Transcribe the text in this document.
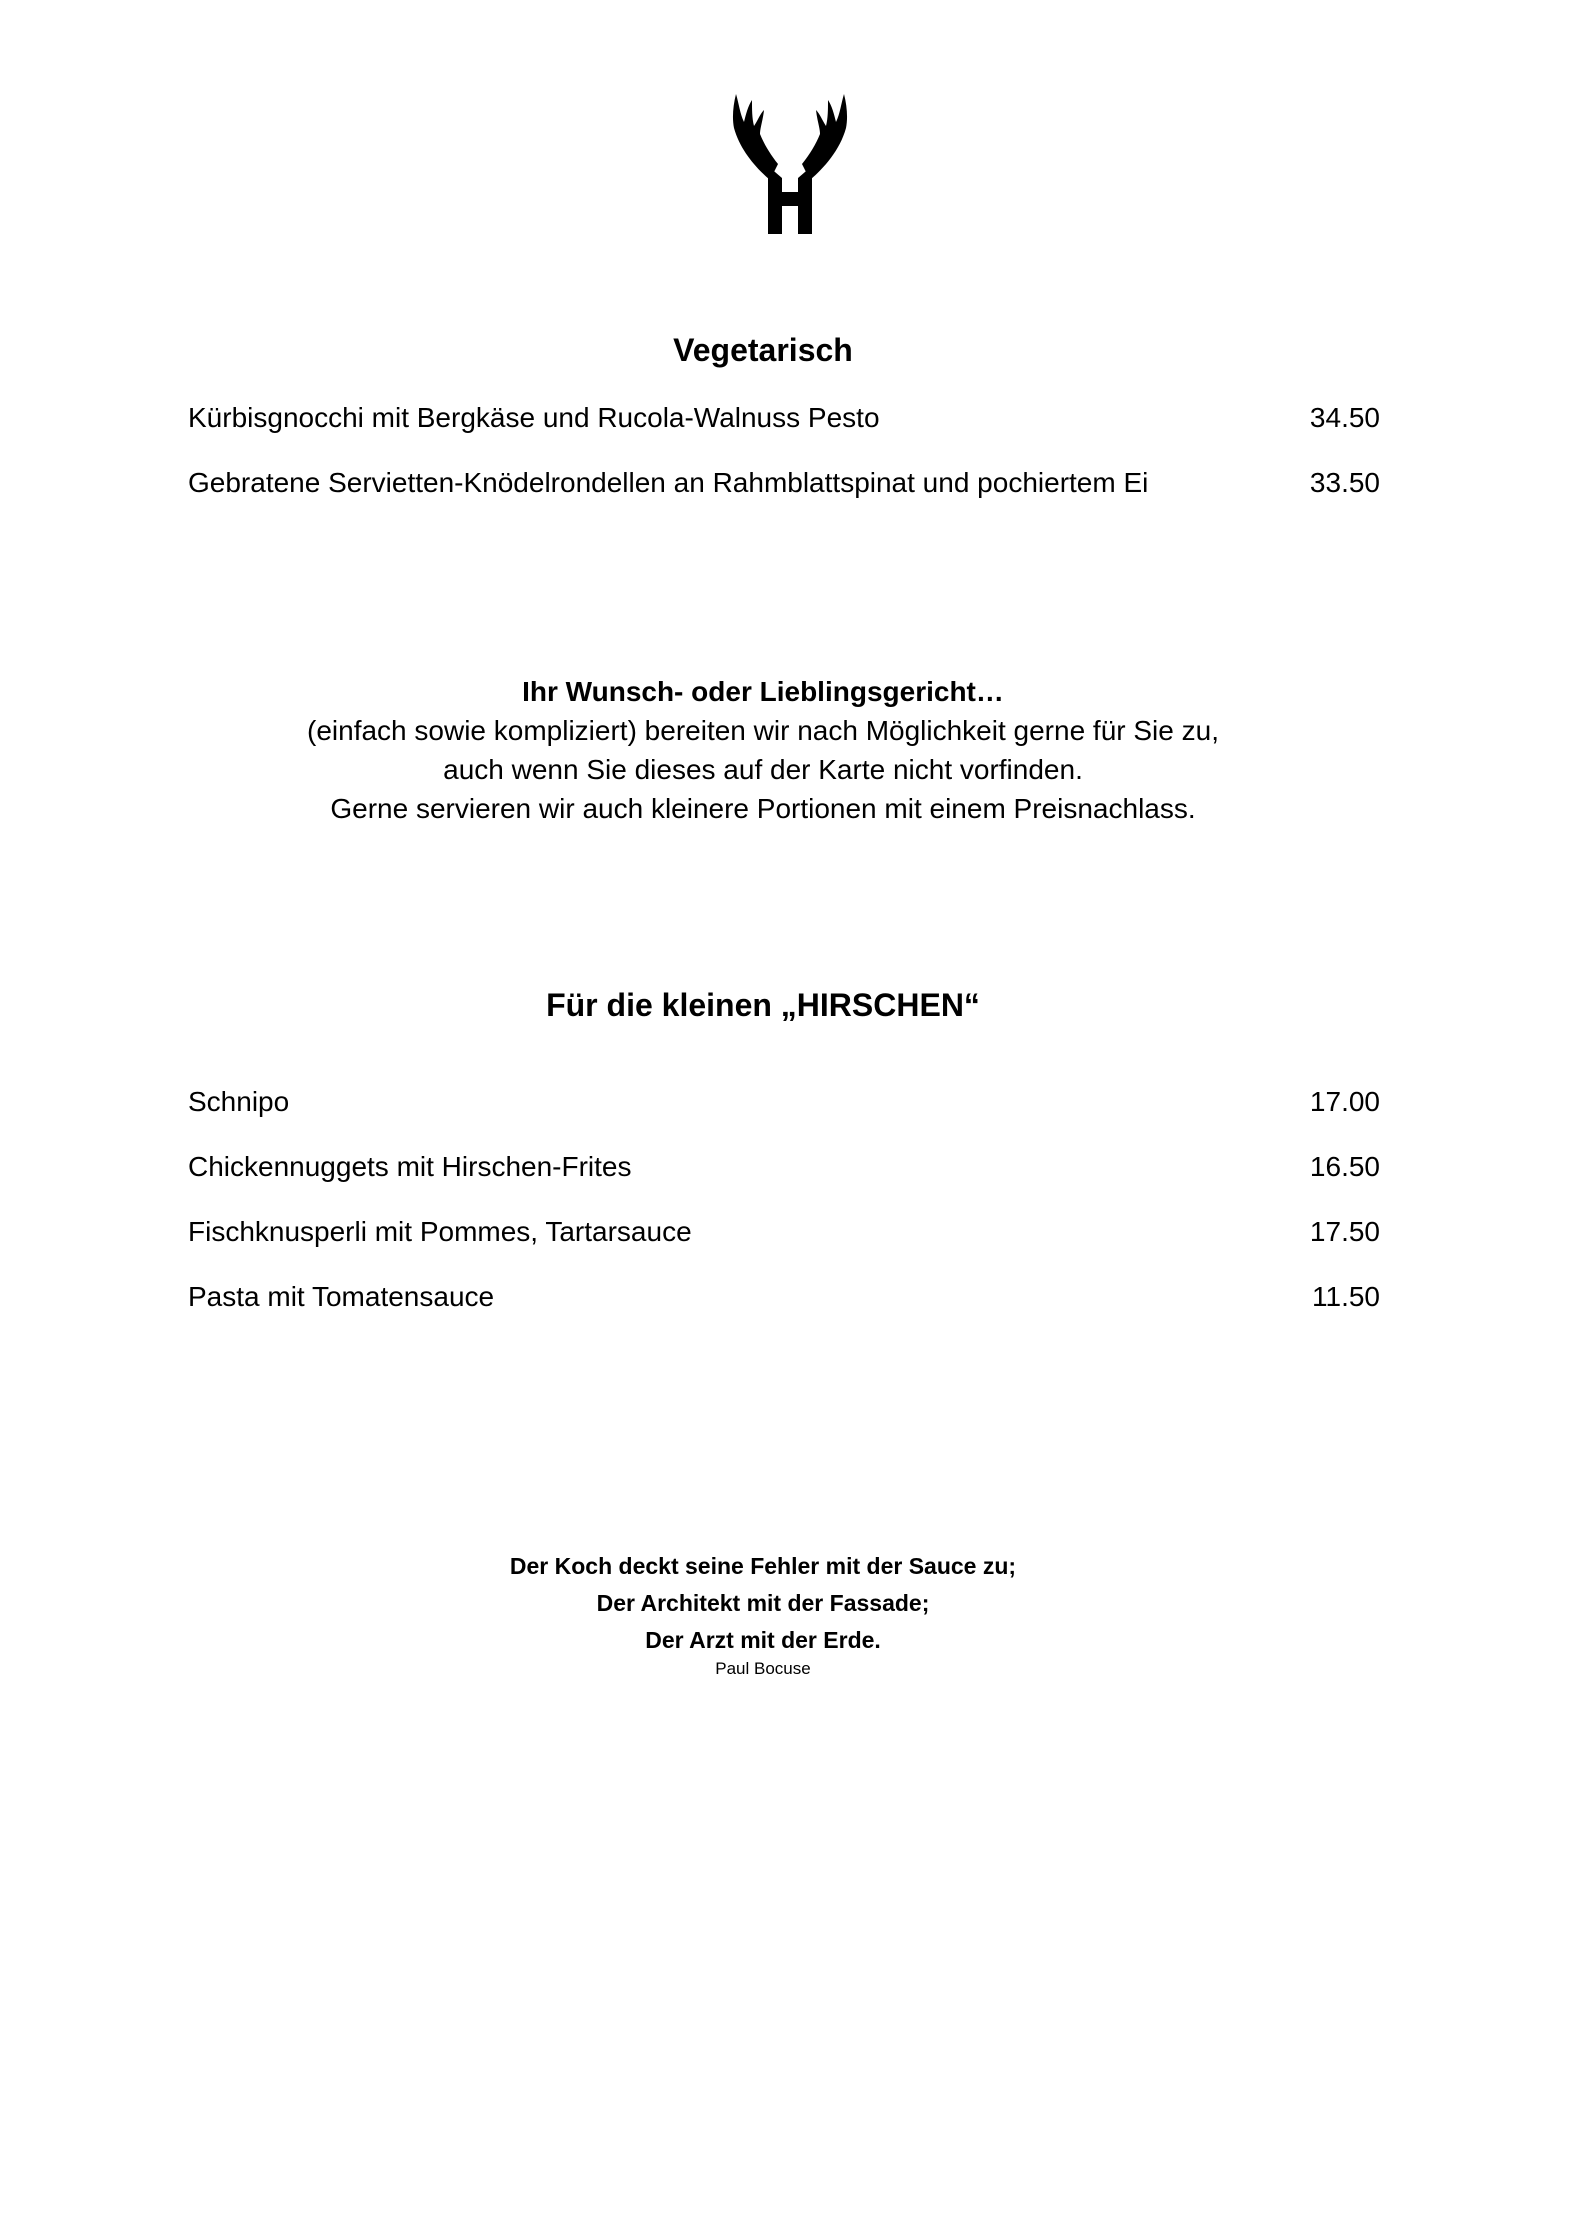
Vegetarisch
Kürbisgnocchi mit Bergkäse und Rucola-Walnuss Pesto	34.50
Gebratene Servietten-Knödelrondellen an Rahmblattspinat und pochiertem Ei	33.50
Ihr Wunsch- oder Lieblingsgericht…
(einfach sowie kompliziert) bereiten wir nach Möglichkeit gerne für Sie zu,
auch wenn Sie dieses auf der Karte nicht vorfinden.
Gerne servieren wir auch kleinere Portionen mit einem Preisnachlass.
Für die kleinen „HIRSCHEN“
Schnipo	17.00
Chickennuggets mit Hirschen-Frites	16.50
Fischknusperli mit Pommes, Tartarsauce	17.50
Pasta mit Tomatensauce	11.50
Der Koch deckt seine Fehler mit der Sauce zu;
Der Architekt mit der Fassade;
Der Arzt mit der Erde.
Paul Bocuse
